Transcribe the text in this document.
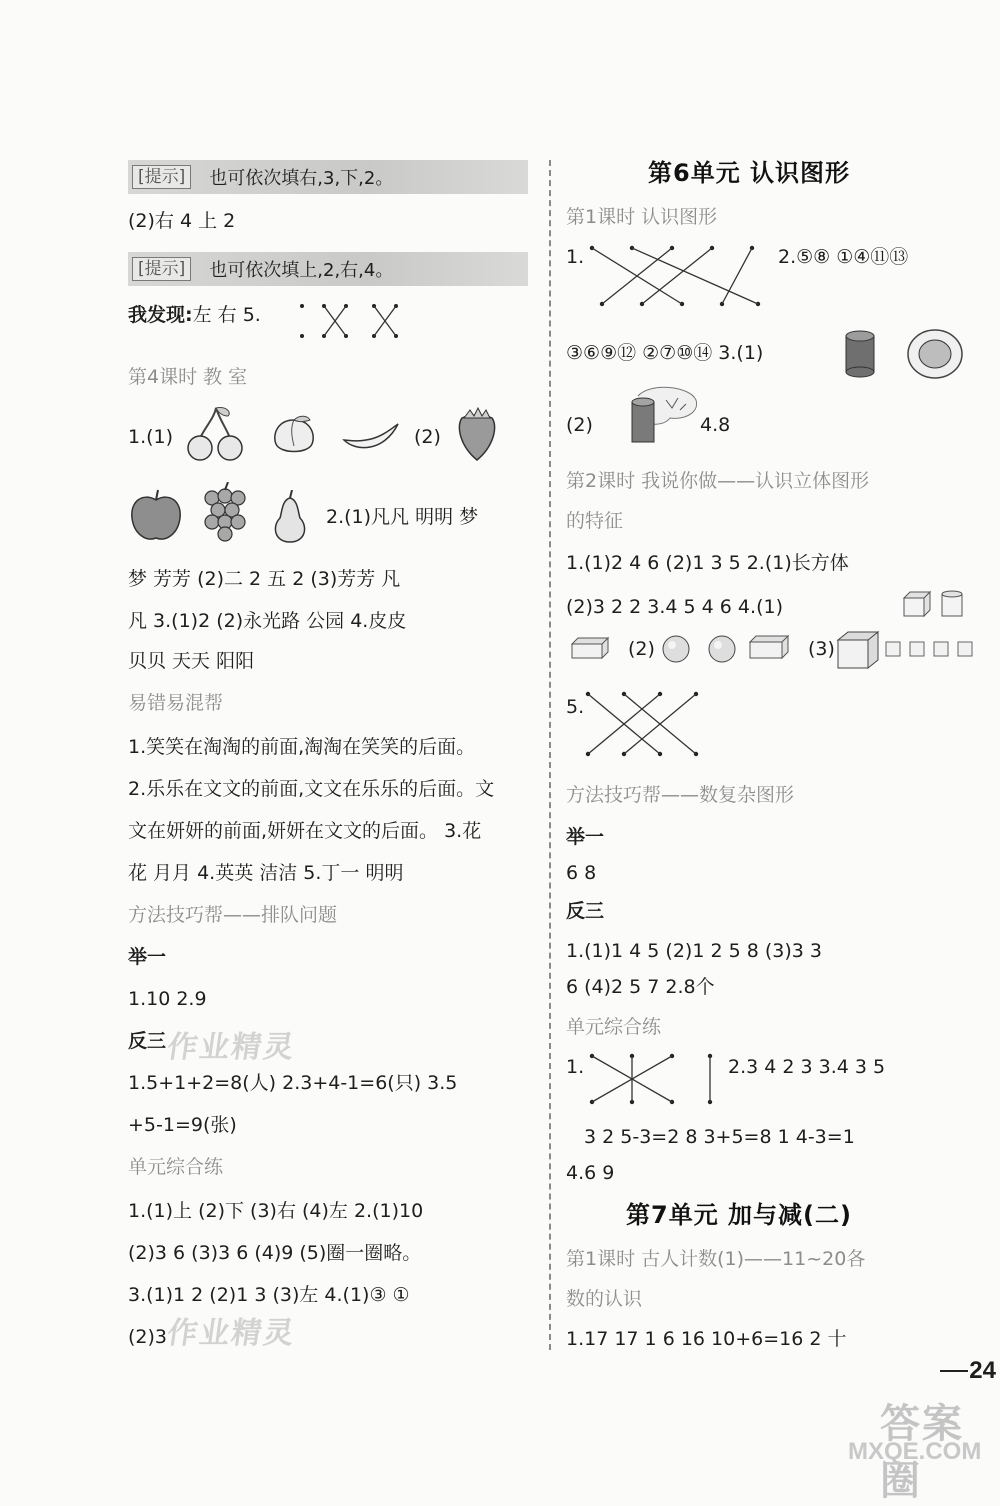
[提示]	也可依次填右,3,下,2。
(2)右 4 上 2
[提示]	也可依次填上,2,右,4。
我发现:左 右 5.
第4课时 教 室
1.(1)	(2)
2.(1)凡凡 明明 梦
梦 芳芳 (2)二 2 五 2 (3)芳芳 凡
凡 3.(1)2 (2)永光路 公园 4.皮皮
贝贝 天天 阳阳
易错易混帮
1.笑笑在淘淘的前面,淘淘在笑笑的后面。
2.乐乐在文文的前面,文文在乐乐的后面。文
文在妍妍的前面,妍妍在文文的后面。 3.花
花 月月 4.英英 洁洁 5.丁一 明明
方法技巧帮——排队问题
举一
1.10 2.9
反三 作业精灵
1.5+1+2=8(人) 2.3+4-1=6(只) 3.5
+5-1=9(张)
单元综合练
1.(1)上 (2)下 (3)右 (4)左 2.(1)10
(2)3 6 (3)3 6 (4)9 (5)圈一圈略。
3.(1)1 2 (2)1 3 (3)左 4.(1)③ ①
(2)3
作业精灵
第6单元 认识图形
第1课时 认识图形
1.	2.⑤⑧ ①④⑪⑬
③⑥⑨⑫ ②⑦⑩⑭ 3.(1)
(2)	4.8
第2课时 我说你做——认识立体图形
的特征
1.(1)2 4 6 (2)1 3 5 2.(1)长方体
(2)3 2 2 3.4 5 4 6 4.(1)
(2)	(3)
5.
方法技巧帮——数复杂图形
举一
6 8
反三
1.(1)1 4 5 (2)1 2 5 8 (3)3 3
6 (4)2 5 7 2.8个
单元综合练
1.	2.3 4 2 3 3.4 3 5
3 2 5-3=2 8 3+5=8 1 4-3=1
4.6 9
第7单元 加与减(二)
第1课时 古人计数(1)——11~20各
数的认识
1.17 17 1 6 16 10+6=16 2 十
24
答案圈
MXQE.COM
